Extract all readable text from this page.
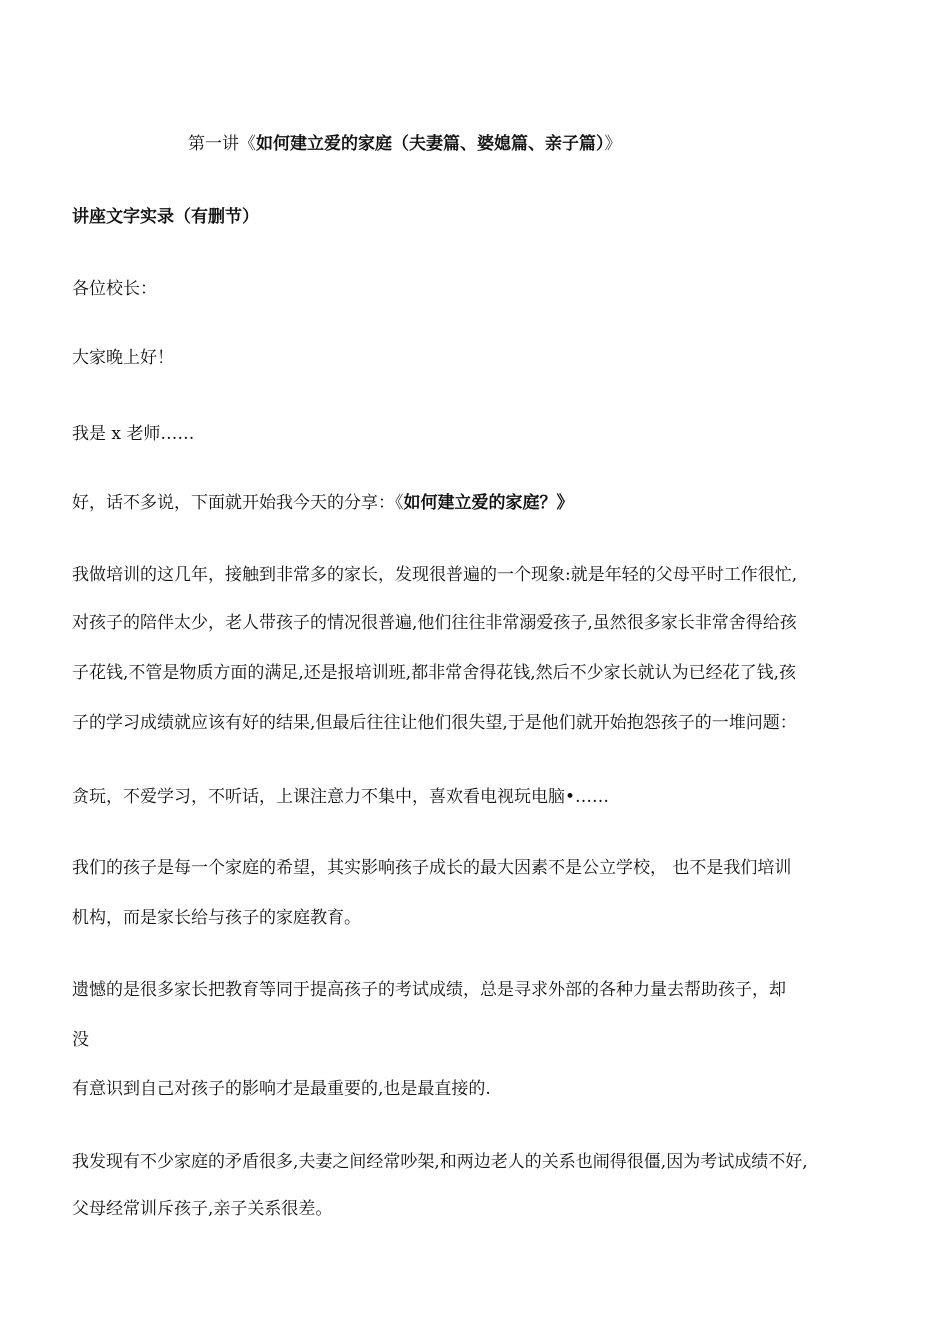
第一讲《如何建立爱的家庭（夫妻篇、婆媳篇、亲子篇）》
讲座文字实录（有删节）
各位校长：
大家晚上好！
我是 x 老师……
好，话不多说，下面就开始我今天的分享：《如何建立爱的家庭？》
我做培训的这几年，接触到非常多的家长，发现很普遍的一个现象:就是年轻的父母平时工作很忙,
对孩子的陪伴太少，老人带孩子的情况很普遍,他们往往非常溺爱孩子,虽然很多家长非常舍得给孩
子花钱,不管是物质方面的满足,还是报培训班,都非常舍得花钱,然后不少家长就认为已经花了钱,孩
子的学习成绩就应该有好的结果,但最后往往让他们很失望,于是他们就开始抱怨孩子的一堆问题：
贪玩，不爱学习，不听话，上课注意力不集中，喜欢看电视玩电脑•……
我们的孩子是每一个家庭的希望，其实影响孩子成长的最大因素不是公立学校， 也不是我们培训
机构，而是家长给与孩子的家庭教育。
遗憾的是很多家长把教育等同于提高孩子的考试成绩，总是寻求外部的各种力量去帮助孩子，却
没
有意识到自己对孩子的影响才是最重要的,也是最直接的.
我发现有不少家庭的矛盾很多,夫妻之间经常吵架,和两边老人的关系也闹得很僵,因为考试成绩不好,
父母经常训斥孩子,亲子关系很差。
